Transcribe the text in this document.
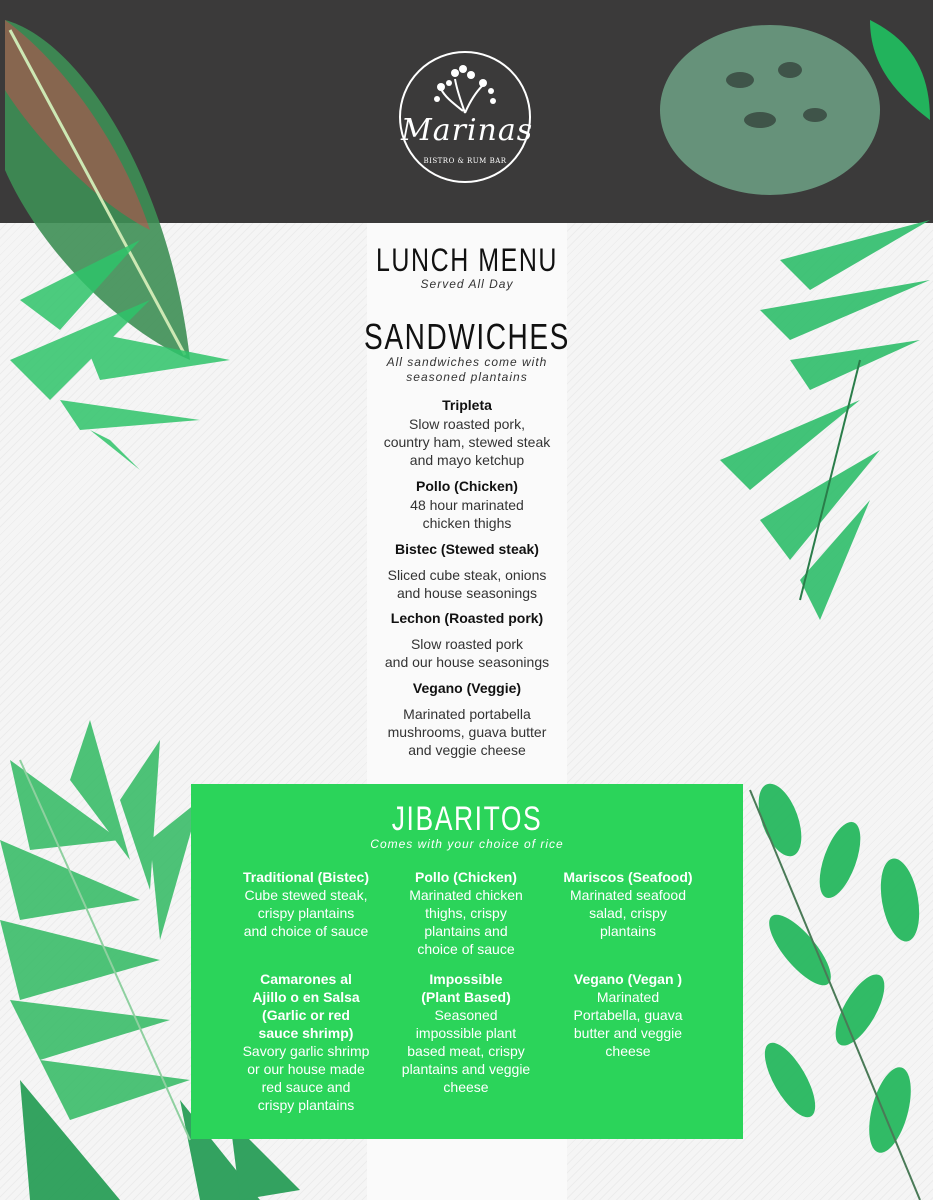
Marinas
BISTRO & RUM BAR
LUNCH MENU
Served All Day
SANDWICHES
All sandwiches come with
seasoned plantains
Tripleta
Slow roasted pork,
country ham, stewed steak
and mayo ketchup
Pollo (Chicken)
48 hour marinated
chicken thighs
Bistec (Stewed steak)
Sliced cube steak, onions
and house seasonings
Lechon (Roasted pork)
Slow roasted pork
and our house seasonings
Vegano (Veggie)
Marinated portabella
mushrooms, guava butter
and veggie cheese
JIBARITOS
Comes with your choice of rice
Traditional (Bistec)
Cube stewed steak,
crispy plantains
and choice of sauce
Pollo (Chicken)
Marinated chicken
thighs, crispy
plantains and
choice of sauce
Mariscos (Seafood)
Marinated seafood
salad, crispy
plantains
Camarones al
Ajillo o en Salsa
(Garlic or red
sauce shrimp)
Savory garlic shrimp
or our house made
red sauce and
crispy plantains
Impossible
(Plant Based)
Seasoned
impossible plant
based meat, crispy
plantains and veggie
cheese
Vegano (Vegan )
Marinated
Portabella, guava
butter and veggie
cheese
